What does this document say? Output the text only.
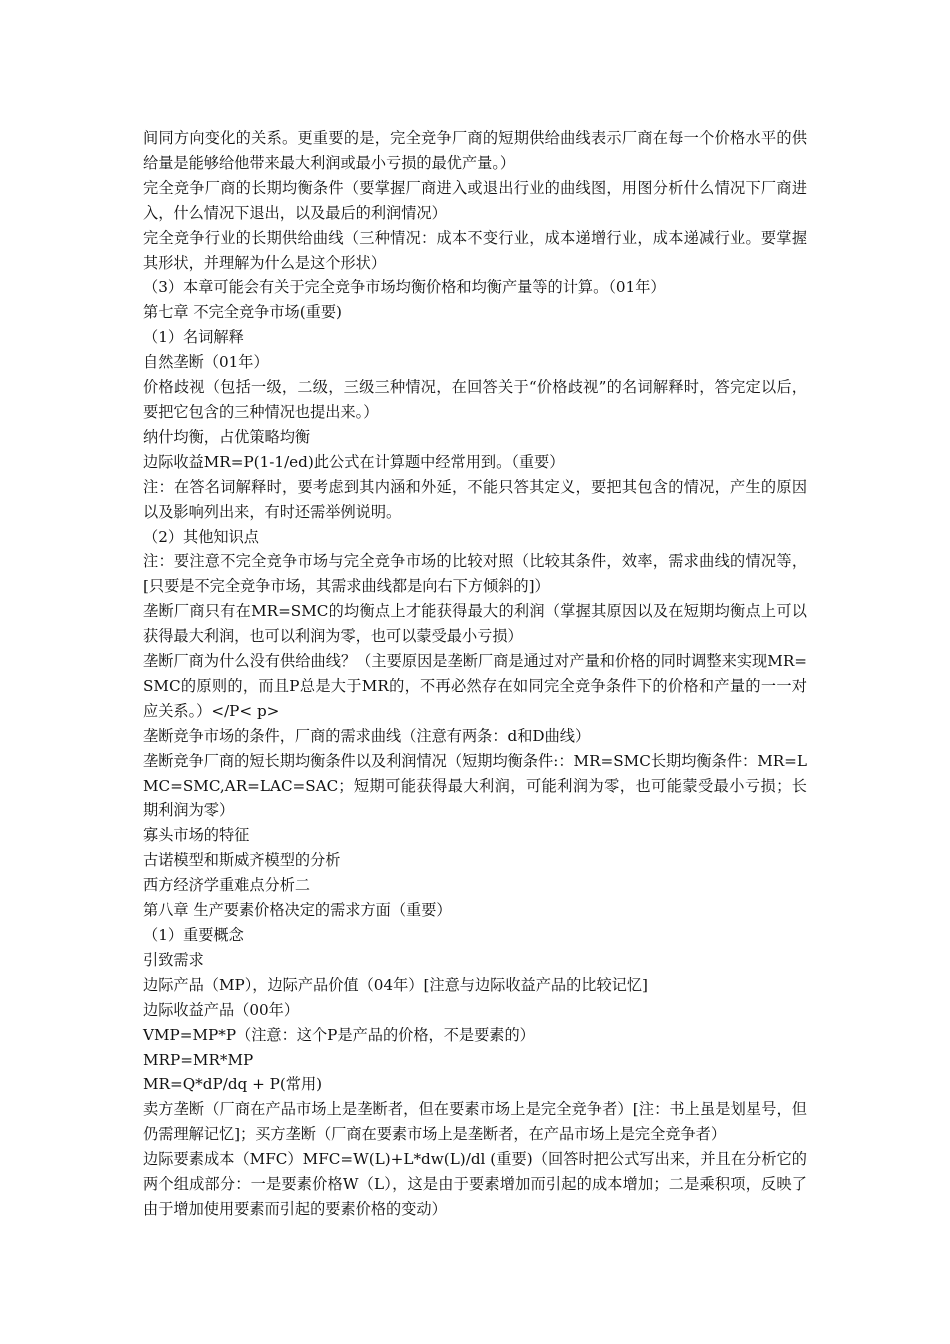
间同方向变化的关系。更重要的是，完全竞争厂商的短期供给曲线表示厂商在每一个价格水平的供给量是能够给他带来最大利润或最小亏损的最优产量。）

完全竞争厂商的长期均衡条件（要掌握厂商进入或退出行业的曲线图，用图分析什么情况下厂商进入，什么情况下退出，以及最后的利润情况）

完全竞争行业的长期供给曲线（三种情况：成本不变行业，成本递增行业，成本递减行业。要掌握其形状，并理解为什么是这个形状）

（3）本章可能会有关于完全竞争市场均衡价格和均衡产量等的计算。（01年）

第七章 不完全竞争市场(重要)

（1）名词解释

自然垄断（01年）

价格歧视（包括一级，二级，三级三种情况，在回答关于“价格歧视”的名词解释时，答完定以后，要把它包含的三种情况也提出来。）

纳什均衡，占优策略均衡

边际收益MR=P(1-1/ed)此公式在计算题中经常用到。（重要）

注：在答名词解释时，要考虑到其内涵和外延，不能只答其定义，要把其包含的情况，产生的原因以及影响列出来，有时还需举例说明。

（2）其他知识点

注：要注意不完全竞争市场与完全竞争市场的比较对照（比较其条件，效率，需求曲线的情况等，[只要是不完全竞争市场，其需求曲线都是向右下方倾斜的]）

垄断厂商只有在MR=SMC的均衡点上才能获得最大的利润（掌握其原因以及在短期均衡点上可以获得最大利润，也可以利润为零，也可以蒙受最小亏损）

垄断厂商为什么没有供给曲线？（主要原因是垄断厂商是通过对产量和价格的同时调整来实现MR=SMC的原则的，而且P总是大于MR的，不再必然存在如同完全竞争条件下的价格和产量的一一对应关系。）</P< p>

垄断竞争市场的条件，厂商的需求曲线（注意有两条：d和D曲线）

垄断竞争厂商的短长期均衡条件以及利润情况（短期均衡条件:：MR=SMC长期均衡条件：MR=LMC=SMC,AR=LAC=SAC；短期可能获得最大利润，可能利润为零，也可能蒙受最小亏损；长期利润为零）

寡头市场的特征

古诺模型和斯威齐模型的分析

西方经济学重难点分析二

第八章 生产要素价格决定的需求方面（重要）

（1）重要概念

引致需求

边际产品（MP），边际产品价值（04年）[注意与边际收益产品的比较记忆]

边际收益产品（00年）

VMP=MP*P（注意：这个P是产品的价格，不是要素的）

MRP=MR*MP

MR=Q*dP/dq + P(常用)

卖方垄断（厂商在产品市场上是垄断者，但在要素市场上是完全竞争者）[注：书上虽是划星号，但仍需理解记忆]；买方垄断（厂商在要素市场上是垄断者，在产品市场上是完全竞争者）

边际要素成本（MFC）MFC=W(L)+L*dw(L)/dl (重要)（回答时把公式写出来，并且在分析它的两个组成部分：一是要素价格W（L），这是由于要素增加而引起的成本增加；二是乘积项，反映了由于增加使用要素而引起的要素价格的变动）
